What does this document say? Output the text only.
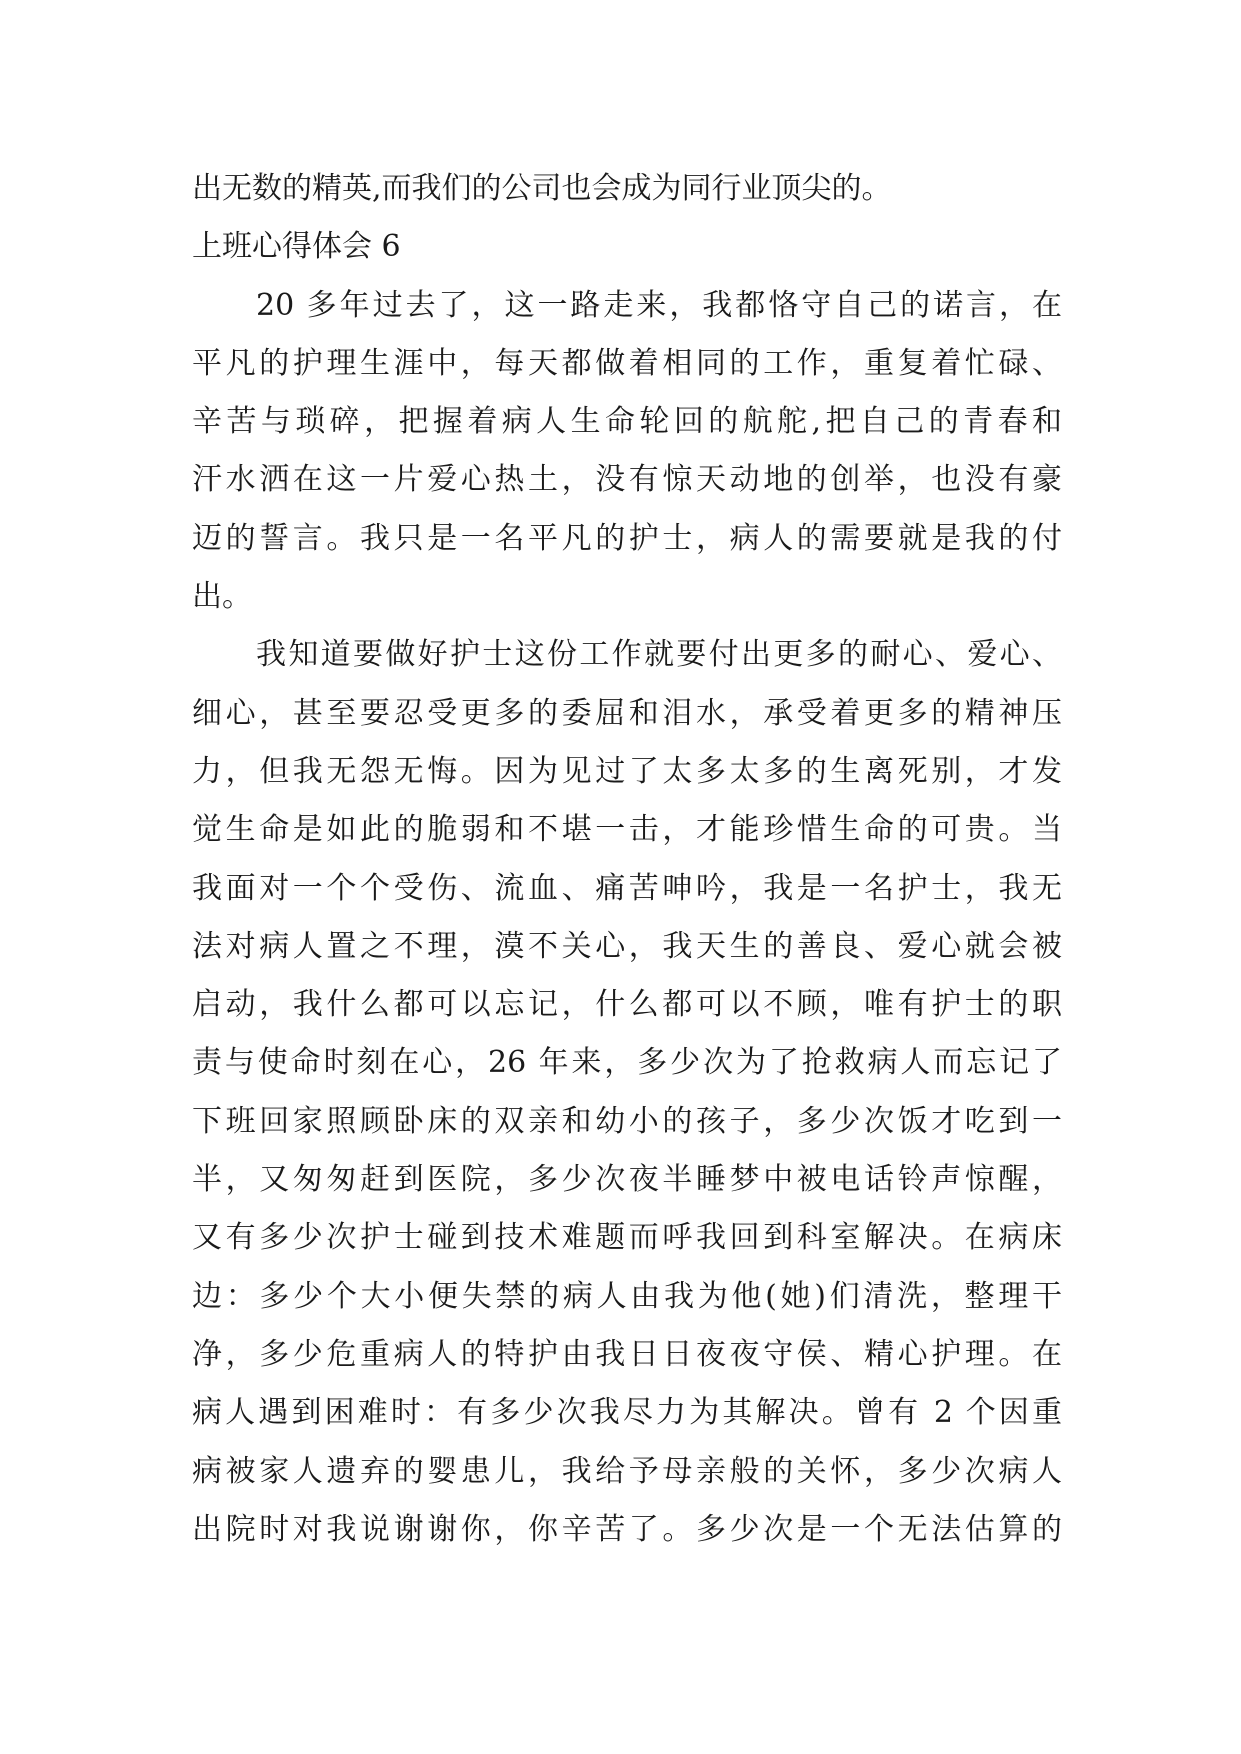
出无数的精英,而我们的公司也会成为同行业顶尖的。
上班心得体会 6
20 多年过去了，这一路走来，我都恪守自己的诺言，在
平凡的护理生涯中，每天都做着相同的工作，重复着忙碌、
辛苦与琐碎，把握着病人生命轮回的航舵,把自己的青春和
汗水洒在这一片爱心热土，没有惊天动地的创举，也没有豪
迈的誓言。我只是一名平凡的护士，病人的需要就是我的付
出。
我知道要做好护士这份工作就要付出更多的耐心、爱心、
细心，甚至要忍受更多的委屈和泪水，承受着更多的精神压
力，但我无怨无悔。因为见过了太多太多的生离死别，才发
觉生命是如此的脆弱和不堪一击，才能珍惜生命的可贵。当
我面对一个个受伤、流血、痛苦呻吟，我是一名护士，我无
法对病人置之不理，漠不关心，我天生的善良、爱心就会被
启动，我什么都可以忘记，什么都可以不顾，唯有护士的职
责与使命时刻在心，26 年来，多少次为了抢救病人而忘记了
下班回家照顾卧床的双亲和幼小的孩子，多少次饭才吃到一
半，又匆匆赶到医院，多少次夜半睡梦中被电话铃声惊醒，
又有多少次护士碰到技术难题而呼我回到科室解决。在病床
边：多少个大小便失禁的病人由我为他(她)们清洗，整理干
净，多少危重病人的特护由我日日夜夜守侯、精心护理。在
病人遇到困难时：有多少次我尽力为其解决。曾有 2 个因重
病被家人遗弃的婴患儿，我给予母亲般的关怀，多少次病人
出院时对我说谢谢你，你辛苦了。多少次是一个无法估算的
